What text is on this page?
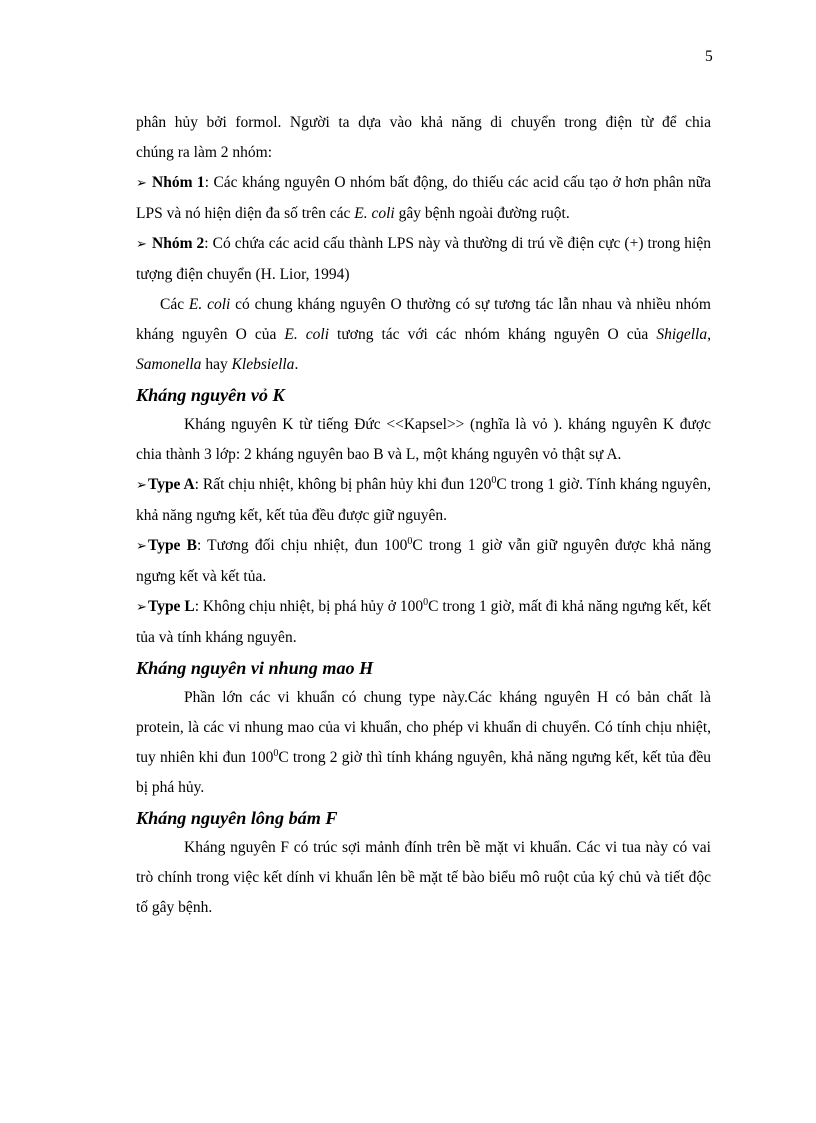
5

phân hủy bởi formol. Người ta dựa vào khả năng di chuyển trong điện từ để chia

chúng ra làm 2 nhóm:

➢ Nhóm 1: Các kháng nguyên O nhóm bất động, do thiếu các acid cấu tạo ở hơn phân nữa LPS và nó hiện diện đa số trên các E. coli gây bệnh ngoài đường ruột.

➢ Nhóm 2: Có chứa các acid cấu thành LPS này và thường di trú về điện cực (+) trong hiện tượng điện chuyển (H. Lior, 1994)

Các E. coli có chung kháng nguyên O thường có sự tương tác lẫn nhau và nhiều nhóm kháng nguyên O của E. coli tương tác với các nhóm kháng nguyên O của Shigella, Samonella hay Klebsiella.

Kháng nguyên vỏ K

Kháng nguyên K từ tiếng Đức <<Kapsel>> (nghĩa là vỏ ). kháng nguyên K được chia thành 3 lớp: 2 kháng nguyên bao B và L, một kháng nguyên vỏ thật sự A.

➢Type A: Rất chịu nhiệt, không bị phân hủy khi đun $120^0C$ trong 1 giờ. Tính kháng nguyên, khả năng ngưng kết, kết tủa đều được giữ nguyên.

➢Type B: Tương đối chịu nhiệt, đun $100^0C$ trong 1 giờ vẫn giữ nguyên được khả năng ngưng kết và kết tủa.

➢Type L: Không chịu nhiệt, bị phá hủy ở $100^0C$ trong 1 giờ, mất đi khả năng ngưng kết, kết tủa và tính kháng nguyên.

Kháng nguyên vi nhung mao H

Phần lớn các vi khuẩn có chung type này.Các kháng nguyên H có bản chất là protein, là các vi nhung mao của vi khuẩn, cho phép vi khuẩn di chuyển. Có tính chịu nhiệt, tuy nhiên khi đun $100^0C$ trong 2 giờ thì tính kháng nguyên, khả năng ngưng kết, kết tủa đều bị phá hủy.

Kháng nguyên lông bám F

Kháng nguyên F có trúc sợi mảnh đính trên bề mặt vi khuẩn. Các vi tua này có vai trò chính trong việc kết dính vi khuẩn lên bề mặt tế bào biểu mô ruột của ký chủ và tiết độc tố gây bệnh.
